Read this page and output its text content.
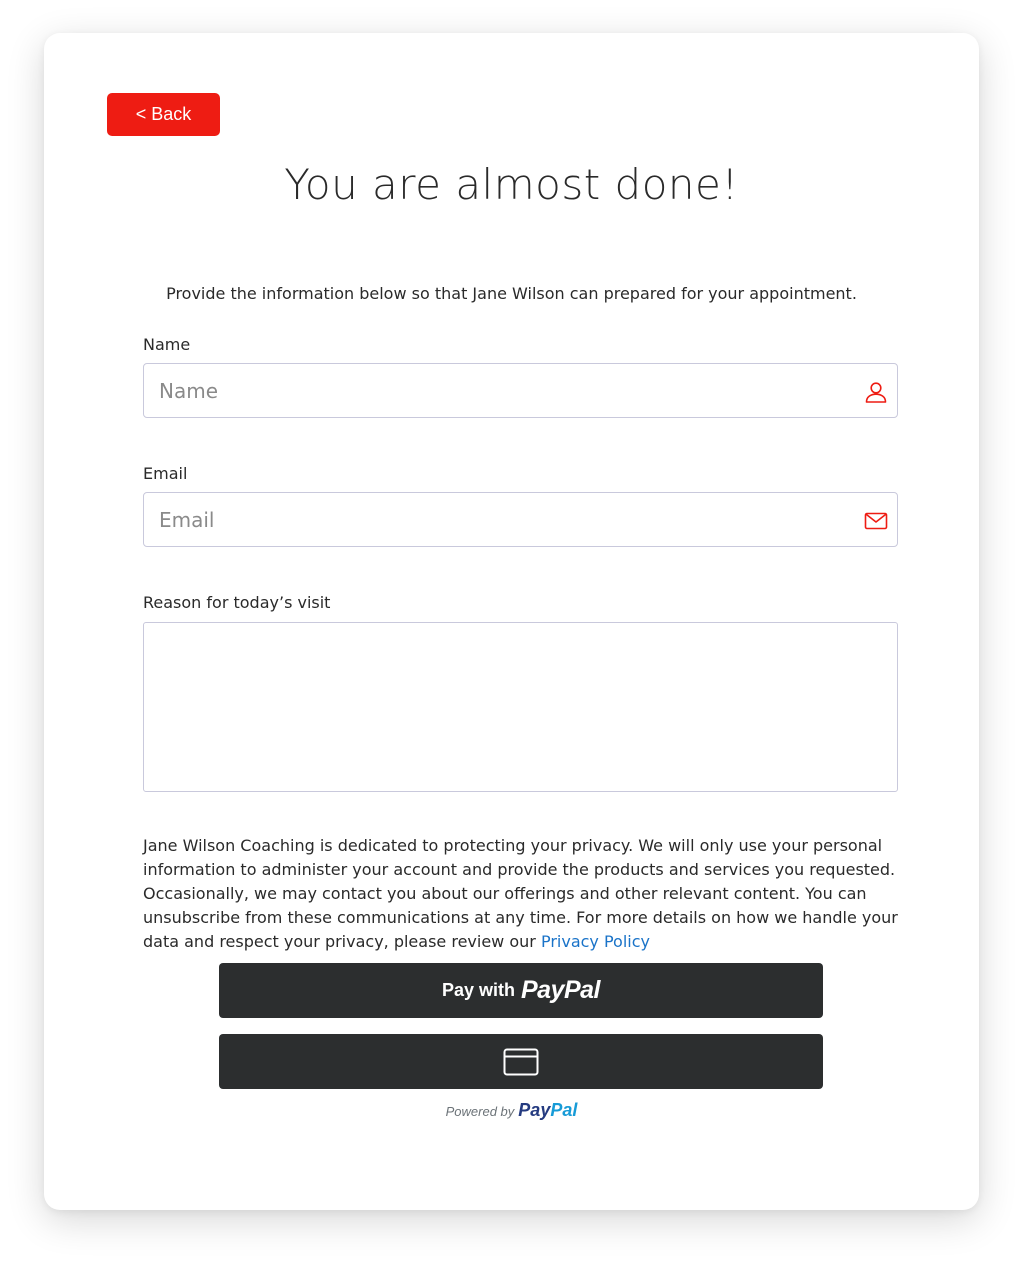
< Back
You are almost done!

Provide the information below so that Jane Wilson can prepared for your appointment.

Name
Name
Email
Email
Reason for today’s visit

Jane Wilson Coaching is dedicated to protecting your privacy. We will only use your personal information to administer your account and provide the products and services you requested. Occasionally, we may contact you about our offerings and other relevant content. You can unsubscribe from these communications at any time. For more details on how we handle your data and respect your privacy, please review our Privacy Policy

Pay with PayPal
Powered by PayPal
